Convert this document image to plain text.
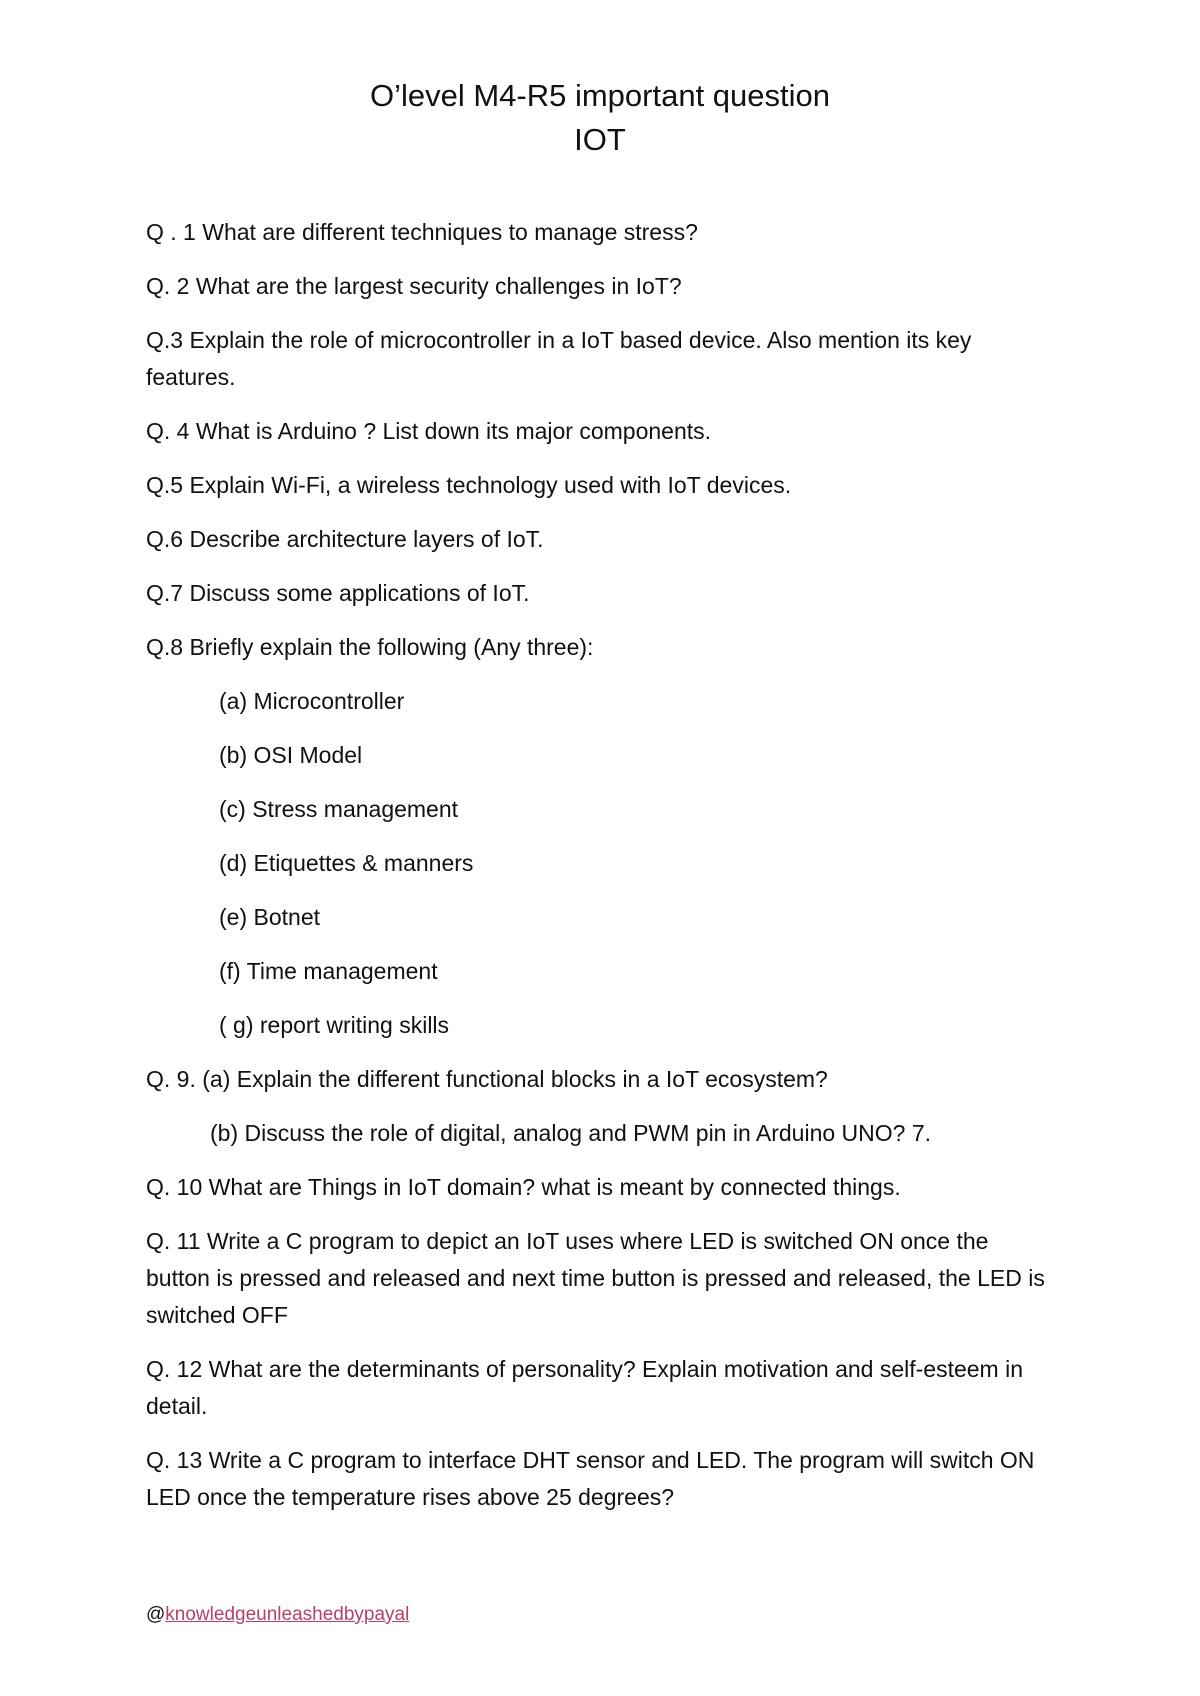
O’level M4-R5 important question

IOT

Q . 1 What are different techniques to manage stress?

Q. 2 What are the largest security challenges in IoT?

Q.3 Explain the role of microcontroller in a IoT based device. Also mention its key features.

Q. 4 What is Arduino ? List down its major components.

Q.5 Explain Wi-Fi, a wireless technology used with IoT devices.

Q.6 Describe architecture layers of IoT.

Q.7 Discuss some applications of IoT.

Q.8 Briefly explain the following (Any three):

(a) Microcontroller

(b) OSI Model

(c) Stress management

(d) Etiquettes & manners

(e) Botnet

(f) Time management

( g) report writing skills

Q. 9. (a) Explain the different functional blocks in a IoT ecosystem?

(b) Discuss the role of digital, analog and PWM pin in Arduino UNO? 7.

Q. 10 What are Things in IoT domain? what is meant by connected things.

Q. 11 Write a C program to depict an IoT uses where LED is switched ON once the button is pressed and released and next time button is pressed and released, the LED is switched OFF

Q. 12 What are the determinants of personality? Explain motivation and self-esteem in detail.

Q. 13 Write a C program to interface DHT sensor and LED. The program will switch ON LED once the temperature rises above 25 degrees?

@knowledgeunleashedbypayal
